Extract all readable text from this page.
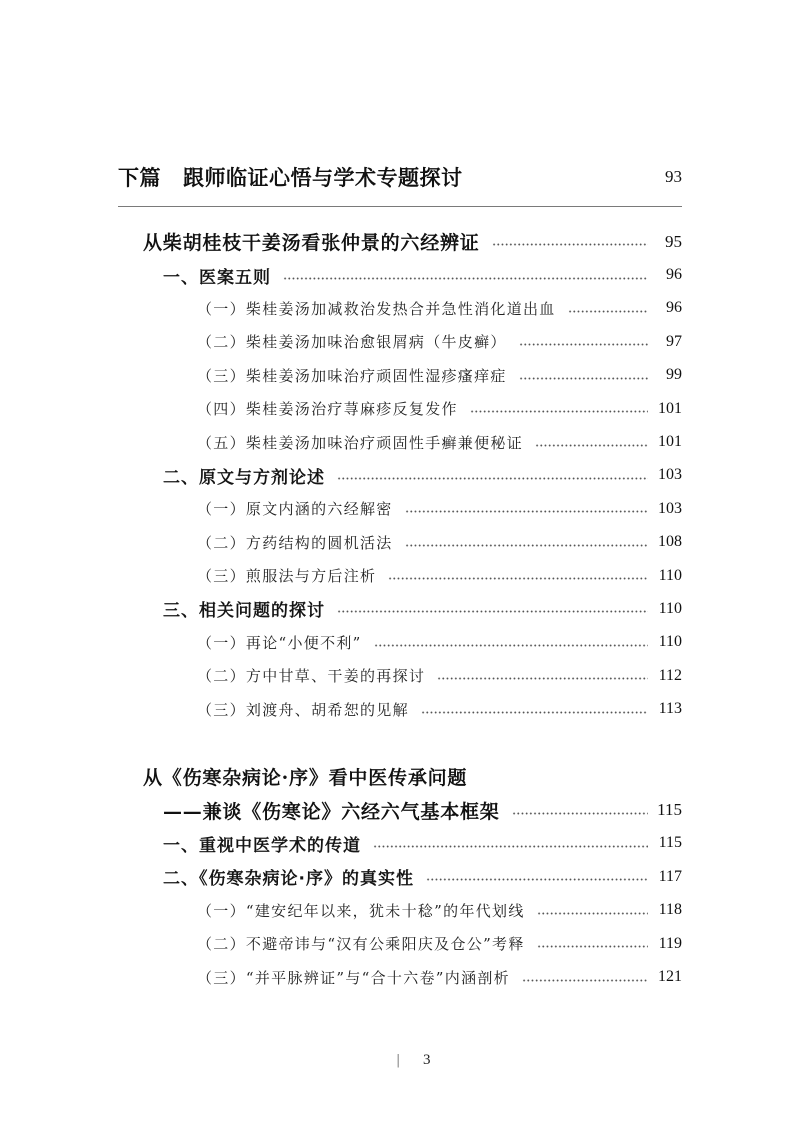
下篇 跟师临证心悟与学术专题探讨	93
从柴胡桂枝干姜汤看张仲景的六经辨证	95
一、医案五则	96
（一）柴桂姜汤加减救治发热合并急性消化道出血	96
（二）柴桂姜汤加味治愈银屑病（牛皮癣）	97
（三）柴桂姜汤加味治疗顽固性湿疹瘙痒症	99
（四）柴桂姜汤治疗荨麻疹反复发作	101
（五）柴桂姜汤加味治疗顽固性手癣兼便秘证	101
二、原文与方剂论述	103
（一）原文内涵的六经解密	103
（二）方药结构的圆机活法	108
（三）煎服法与方后注析	110
三、相关问题的探讨	110
（一）再论“小便不利”	110
（二）方中甘草、干姜的再探讨	112
（三）刘渡舟、胡希恕的见解	113
从《伤寒杂病论·序》看中医传承问题
——兼谈《伤寒论》六经六气基本框架	115
一、重视中医学术的传道	115
二、《伤寒杂病论·序》的真实性	117
（一）“建安纪年以来，犹未十稔”的年代划线	118
（二）不避帝讳与“汉有公乘阳庆及仓公”考释	119
（三）“并平脉辨证”与“合十六卷”内涵剖析	121
| 3
